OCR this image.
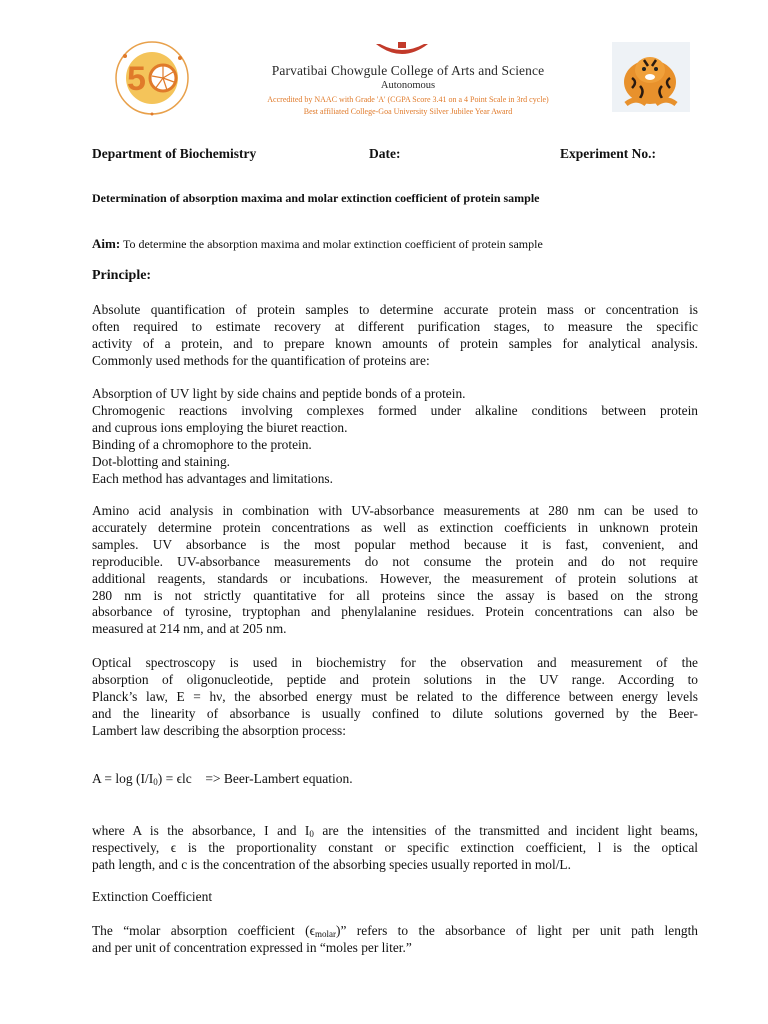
5	Parvatibai Chowgule College of Arts and Science
Autonomous
Accredited by NAAC with Grade 'A' (CGPA Score 3.41 on a 4 Point Scale in 3rd cycle)
Best affiliated College-Goa University Silver Jubilee Year Award
Department of Biochemistry	Date:	Experiment No.:
Determination of absorption maxima and molar extinction coefficient of protein sample
Aim: To determine the absorption maxima and molar extinction coefficient of protein sample
Principle:
Absolute quantification of protein samples to determine accurate protein mass or concentration is
often required to estimate recovery at different purification stages, to measure the specific
activity of a protein, and to prepare known amounts of protein samples for analytical analysis.
Commonly used methods for the quantification of proteins are:
Absorption of UV light by side chains and peptide bonds of a protein.
Chromogenic reactions involving complexes formed under alkaline conditions between protein
and cuprous ions employing the biuret reaction.
Binding of a chromophore to the protein.
Dot-blotting and staining.
Each method has advantages and limitations.
Amino acid analysis in combination with UV-absorbance measurements at 280 nm can be used to
accurately determine protein concentrations as well as extinction coefficients in unknown protein
samples. UV absorbance is the most popular method because it is fast, convenient, and
reproducible. UV-absorbance measurements do not consume the protein and do not require
additional reagents, standards or incubations. However, the measurement of protein solutions at
280 nm is not strictly quantitative for all proteins since the assay is based on the strong
absorbance of tyrosine, tryptophan and phenylalanine residues. Protein concentrations can also be
measured at 214 nm, and at 205 nm.
Optical spectroscopy is used in biochemistry for the observation and measurement of the
absorption of oligonucleotide, peptide and protein solutions in the UV range. According to
Planck’s law, E = hν, the absorbed energy must be related to the difference between energy levels
and the linearity of absorbance is usually confined to dilute solutions governed by the Beer-
Lambert law describing the absorption process:
$A = \log (I/I_0) = \epsilon lc$ => Beer-Lambert equation.
where A is the absorbance, I and $I_0$ are the intensities of the transmitted and incident light beams,
respectively, ϵ is the proportionality constant or specific extinction coefficient, l is the optical
path length, and c is the concentration of the absorbing species usually reported in mol/L.
Extinction Coefficient
The “molar absorption coefficient $(\epsilon_{molar})$” refers to the absorbance of light per unit path length
and per unit of concentration expressed in “moles per liter.”
